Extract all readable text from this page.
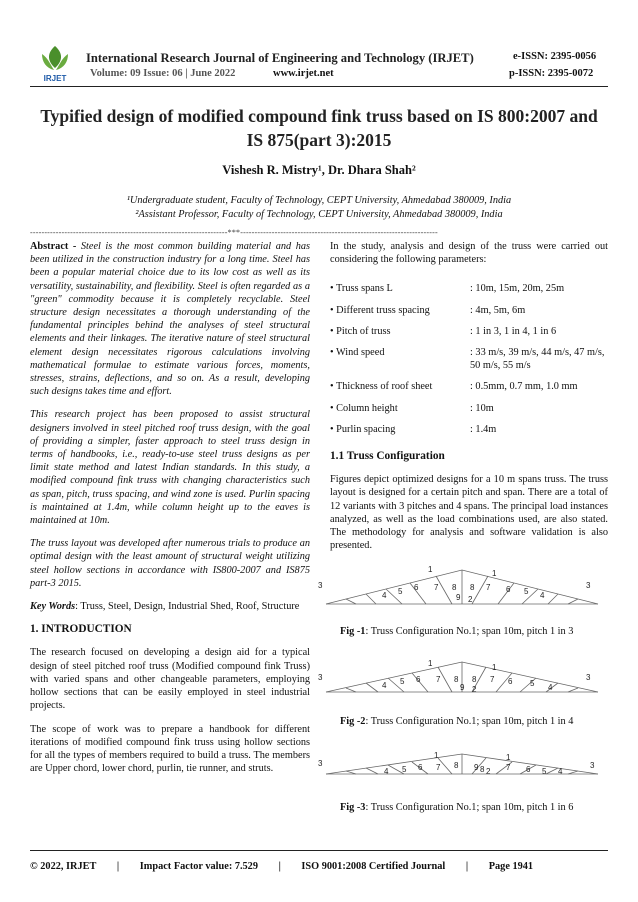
IRJET
International Research Journal of Engineering and Technology (IRJET)	e-ISSN: 2395-0056
Volume: 09 Issue: 06 | June 2022	www.irjet.net	p-ISSN: 2395-0072
Typified design of modified compound fink truss based on IS 800:2007 and IS 875(part 3):2015
Vishesh R. Mistry¹, Dr. Dhara Shah²
¹Undergraduate student, Faculty of Technology, CEPT University, Ahmedabad 380009, India
²Assistant Professor, Faculty of Technology, CEPT University, Ahmedabad 380009, India
---------------------------------------------------------------------***---------------------------------------------------------------------

Abstract - Steel is the most common building material and has been utilized in the construction industry for a long time. Steel has been a popular material choice due to its low cost as well as its versatility, sustainability, and flexibility. Steel is often regarded as a "green" commodity because it is completely recyclable. Steel structure design necessitates a thorough understanding of the fundamental principles behind the analyses of steel structural elements and their linkages. The iterative nature of steel structural element design necessitates rigorous calculations involving mathematical formulae to estimate various forces, moments, stresses, strains, deflections, and so on. As a result, developing such designs takes time and effort.

This research project has been proposed to assist structural designers involved in steel pitched roof truss design, with the goal of providing a simpler, faster approach to steel truss design in terms of handbooks, i.e., ready-to-use steel truss designs as per limit state method and latest Indian standards. In this study, a modified compound fink truss with changing characteristics such as span, pitch, truss spacing, and wind zone is used. Purlin spacing is maintained at 1.4m, while column height up to the eaves is maintained at 10m.

The truss layout was developed after numerous trials to produce an optimal design with the least amount of structural weight utilizing steel hollow sections in accordance with IS800-2007 and IS875 part-3 2015.

Key Words: Truss, Steel, Design, Industrial Shed, Roof, Structure

1. INTRODUCTION

The research focused on developing a design aid for a typical design of steel pitched roof truss (Modified compound fink Truss) with varied spans and other changeable parameters, employing hollow sections that can be easily employed in steel industrial projects.

The scope of work was to prepare a handbook for different iterations of modified compound fink truss using hollow sections for all the types of members required to build a truss. The members are Upper chord, lower chord, purlin, tie runner, and struts.

In the study, analysis and design of the truss were carried out considering the following parameters:

• Truss spans L	: 10m, 15m, 20m, 25m
• Different truss spacing	: 4m, 5m, 6m
• Pitch of truss	: 1 in 3, 1 in 4, 1 in 6
• Wind speed	: 33 m/s, 39 m/s, 44 m/s, 47 m/s, 50 m/s, 55 m/s
• Thickness of roof sheet	: 0.5mm, 0.7 mm, 1.0 mm
• Column height	: 10m
• Purlin spacing	: 1.4m
1.1 Truss Configuration

Figures depict optimized designs for a 10 m spans truss. The truss layout is designed for a certain pitch and span. There are a total of 12 variants with 3 pitches and 4 spans. The principal load instances analyzed, as well as the load combinations used, are also stated. The methodology for analysis and software validation is also presented.

3
4 5 6 7 8 8
9 2
7 6 5 4
3
1	1
Fig -1: Truss Configuration No.1; span 10m, pitch 1 in 3
3
4 5 6 7 8 8
9 2
7 6 5 4
3
1	1
Fig -2: Truss Configuration No.1; span 10m, pitch 1 in 4
3
4 5 6 7 8 9 8 2 7 6 5 4
3
1	1
Fig -3: Truss Configuration No.1; span 10m, pitch 1 in 6
© 2022, IRJET | Impact Factor value: 7.529 | ISO 9001:2008 Certified Journal | Page 1941
